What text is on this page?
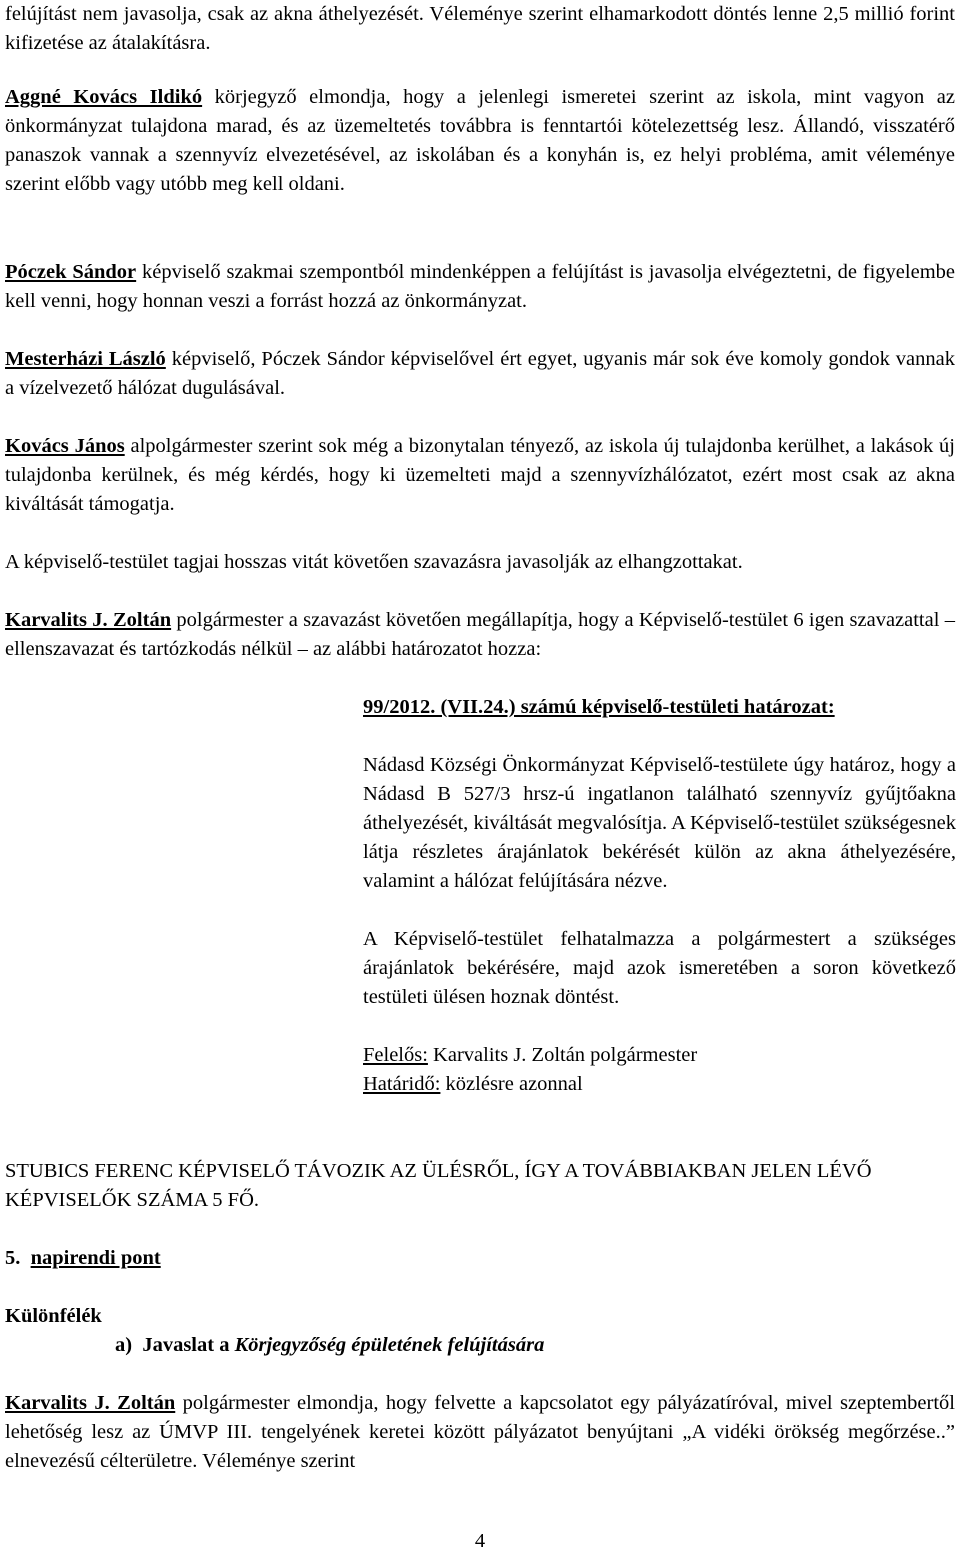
felújítást nem javasolja, csak az akna áthelyezését. Véleménye szerint elhamarkodott döntés lenne 2,5 millió forint kifizetése az átalakításra.

Aggné Kovács Ildikó körjegyző elmondja, hogy a jelenlegi ismeretei szerint az iskola, mint vagyon az önkormányzat tulajdona marad, és az üzemeltetés továbbra is fenntartói kötelezettség lesz. Állandó, visszatérő panaszok vannak a szennyvíz elvezetésével, az iskolában és a konyhán is, ez helyi probléma, amit véleménye szerint előbb vagy utóbb meg kell oldani.

Póczek Sándor képviselő szakmai szempontból mindenképpen a felújítást is javasolja elvégeztetni, de figyelembe kell venni, hogy honnan veszi a forrást hozzá az önkormányzat.

Mesterházi László képviselő, Póczek Sándor képviselővel ért egyet, ugyanis már sok éve komoly gondok vannak a vízelvezető hálózat dugulásával.

Kovács János alpolgármester szerint sok még a bizonytalan tényező, az iskola új tulajdonba kerülhet, a lakások új tulajdonba kerülnek, és még kérdés, hogy ki üzemelteti majd a szennyvízhálózatot, ezért most csak az akna kiváltását támogatja.

A képviselő-testület tagjai hosszas vitát követően szavazásra javasolják az elhangzottakat.

Karvalits J. Zoltán polgármester a szavazást követően megállapítja, hogy a Képviselő-testület 6 igen szavazattal – ellenszavazat és tartózkodás nélkül – az alábbi határozatot hozza:

99/2012. (VII.24.) számú képviselő-testületi határozat:

Nádasd Községi Önkormányzat Képviselő-testülete úgy határoz, hogy a Nádasd B 527/3 hrsz-ú ingatlanon található szennyvíz gyűjtőakna áthelyezését, kiváltását megvalósítja. A Képviselő-testület szükségesnek látja részletes árajánlatok bekérését külön az akna áthelyezésére, valamint a hálózat felújítására nézve.

A Képviselő-testület felhatalmazza a polgármestert a szükséges árajánlatok bekérésére, majd azok ismeretében a soron következő testületi ülésen hoznak döntést.

Felelős: Karvalits J. Zoltán polgármester

Határidő: közlésre azonnal

STUBICS FERENC KÉPVISELŐ TÁVOZIK AZ ÜLÉSRŐL, ÍGY A TOVÁBBIAKBAN JELEN LÉVŐ KÉPVISELŐK SZÁMA 5 FŐ.

5. napirendi pont

Különfélék

a) Javaslat a Körjegyzőség épületének felújítására

Karvalits J. Zoltán polgármester elmondja, hogy felvette a kapcsolatot egy pályázatíróval, mivel szeptembertől lehetőség lesz az ÚMVP III. tengelyének keretei között pályázatot benyújtani „A vidéki örökség megőrzése..” elnevezésű célterületre. Véleménye szerint

4
